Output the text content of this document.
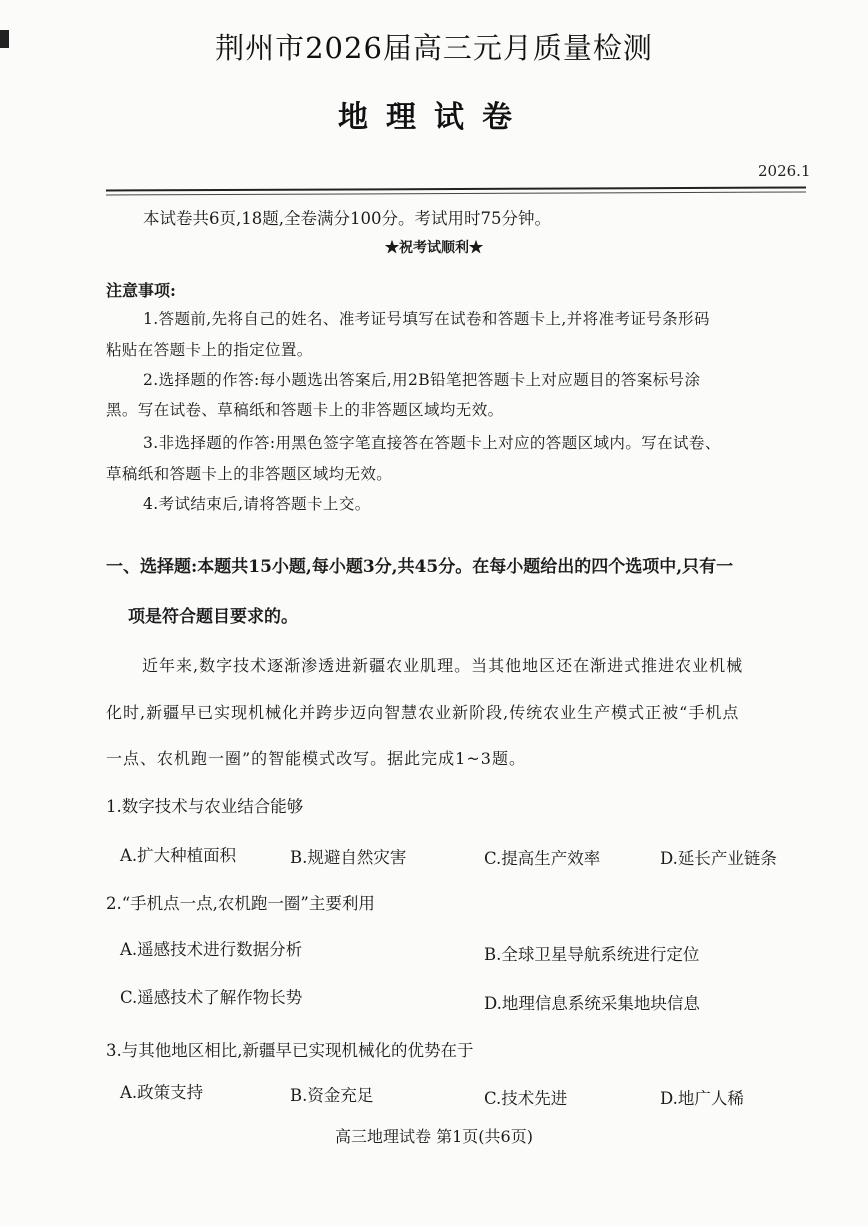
荆州市2026届高三元月质量检测
地理试卷
2026.1
本试卷共6页,18题,全卷满分100分。考试用时75分钟。
★祝考试顺利★
注意事项:
1.答题前,先将自己的姓名、准考证号填写在试卷和答题卡上,并将准考证号条形码
粘贴在答题卡上的指定位置。
2.选择题的作答:每小题选出答案后,用2B铅笔把答题卡上对应题目的答案标号涂
黑。写在试卷、草稿纸和答题卡上的非答题区域均无效。
3.非选择题的作答:用黑色签字笔直接答在答题卡上对应的答题区域内。写在试卷、
草稿纸和答题卡上的非答题区域均无效。
4.考试结束后,请将答题卡上交。
一、选择题:本题共15小题,每小题3分,共45分。在每小题给出的四个选项中,只有一
项是符合题目要求的。
近年来,数字技术逐渐渗透进新疆农业肌理。当其他地区还在渐进式推进农业机械
化时,新疆早已实现机械化并跨步迈向智慧农业新阶段,传统农业生产模式正被“手机点
一点、农机跑一圈”的智能模式改写。据此完成1~3题。
1.数字技术与农业结合能够
A.扩大种植面积	B.规避自然灾害	C.提高生产效率	D.延长产业链条
2.“手机点一点,农机跑一圈”主要利用
A.遥感技术进行数据分析	B.全球卫星导航系统进行定位
C.遥感技术了解作物长势	D.地理信息系统采集地块信息
3.与其他地区相比,新疆早已实现机械化的优势在于
A.政策支持	B.资金充足	C.技术先进	D.地广人稀
高三地理试卷 第1页(共6页)
